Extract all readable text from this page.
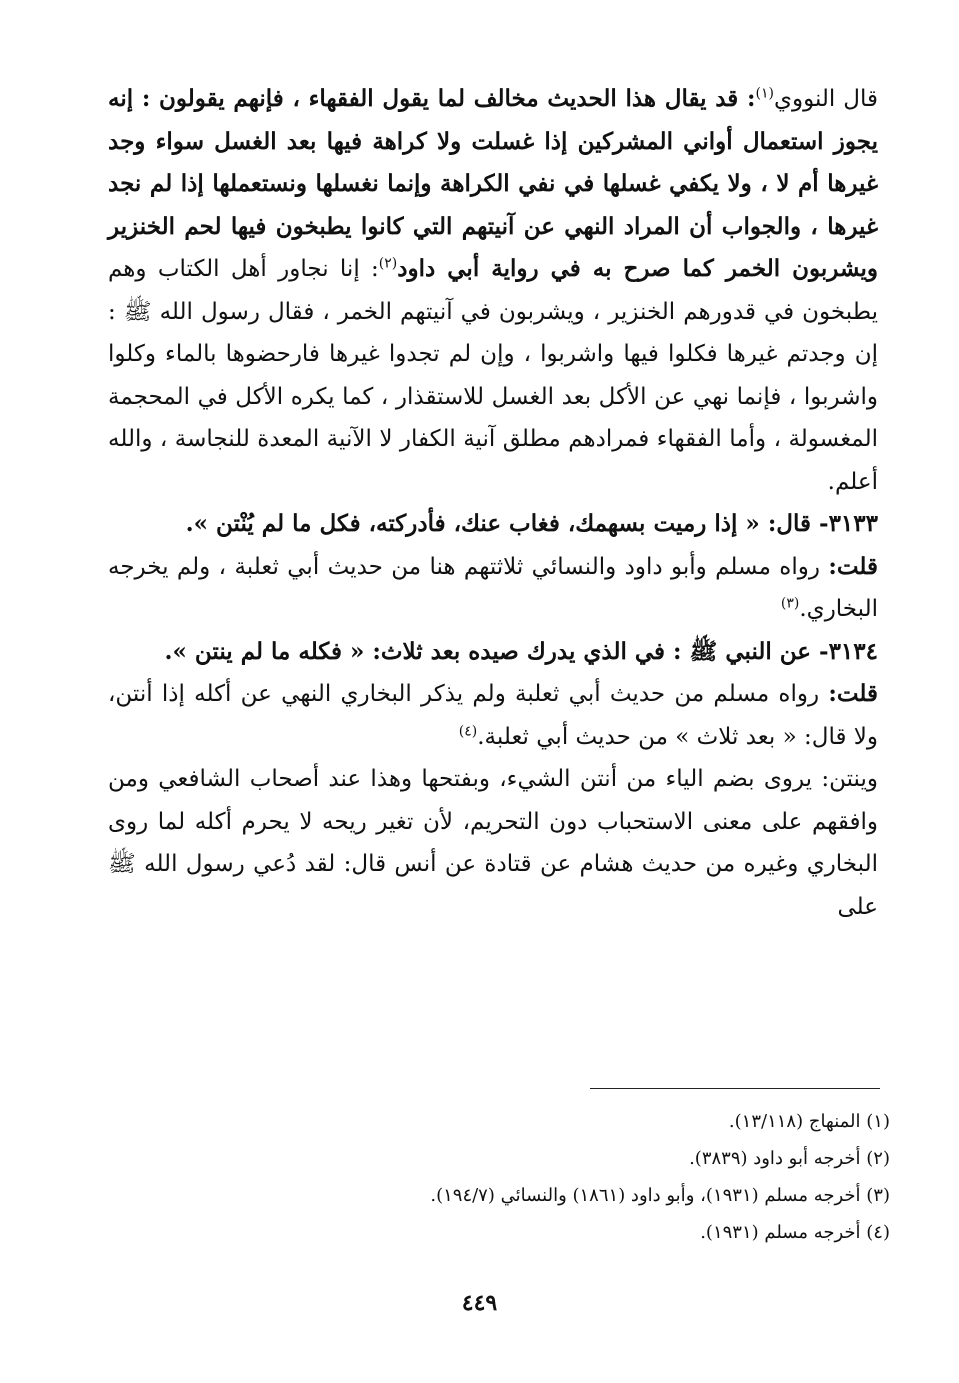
قال النووي$^{(١)}$: قد يقال هذا الحديث مخالف لما يقول الفقهاء ، فإنهم يقولون : إنه يجوز استعمال أواني المشركين إذا غسلت ولا كراهة فيها بعد الغسل سواء وجد غيرها أم لا ، ولا يكفي غسلها في نفي الكراهة وإنما نغسلها ونستعملها إذا لم نجد غيرها ، والجواب أن المراد النهي عن آنيتهم التي كانوا يطبخون فيها لحم الخنزير ويشربون الخمر كما صرح به في رواية أبي داود$^{(٢)}$: إنا نجاور أهل الكتاب وهم يطبخون في قدورهم الخنزير ، ويشربون في آنيتهم الخمر ، فقال رسول الله ﷺ : إن وجدتم غيرها فكلوا فيها واشربوا ، وإن لم تجدوا غيرها فارحضوها بالماء وكلوا واشربوا ، فإنما نهي عن الأكل بعد الغسل للاستقذار ، كما يكره الأكل في المحجمة المغسولة ، وأما الفقهاء فمرادهم مطلق آنية الكفار لا الآنية المعدة للنجاسة ، والله أعلم.

٣١٣٣- قال: « إذا رميت بسهمك، فغاب عنك، فأدركته، فكل ما لم يُنْتن ».

قلت: رواه مسلم وأبو داود والنسائي ثلاثتهم هنا من حديث أبي ثعلبة ، ولم يخرجه البخاري.$^{(٣)}$

٣١٣٤- عن النبي ﷺ : في الذي يدرك صيده بعد ثلاث: « فكله ما لم ينتن ».

قلت: رواه مسلم من حديث أبي ثعلبة ولم يذكر البخاري النهي عن أكله إذا أنتن، ولا قال: « بعد ثلاث » من حديث أبي ثعلبة.$^{(٤)}$

وينتن: يروى بضم الياء من أنتن الشيء، وبفتحها وهذا عند أصحاب الشافعي ومن وافقهم على معنى الاستحباب دون التحريم، لأن تغير ريحه لا يحرم أكله لما روى البخاري وغيره من حديث هشام عن قتادة عن أنس قال: لقد دُعي رسول الله ﷺ على

(١) المنهاج (١٣/١١٨).
(٢) أخرجه أبو داود (٣٨٣٩).
(٣) أخرجه مسلم (١٩٣١)، وأبو داود (١٨٦١) والنسائي (١٩٤/٧).
(٤) أخرجه مسلم (١٩٣١).
٤٤٩
